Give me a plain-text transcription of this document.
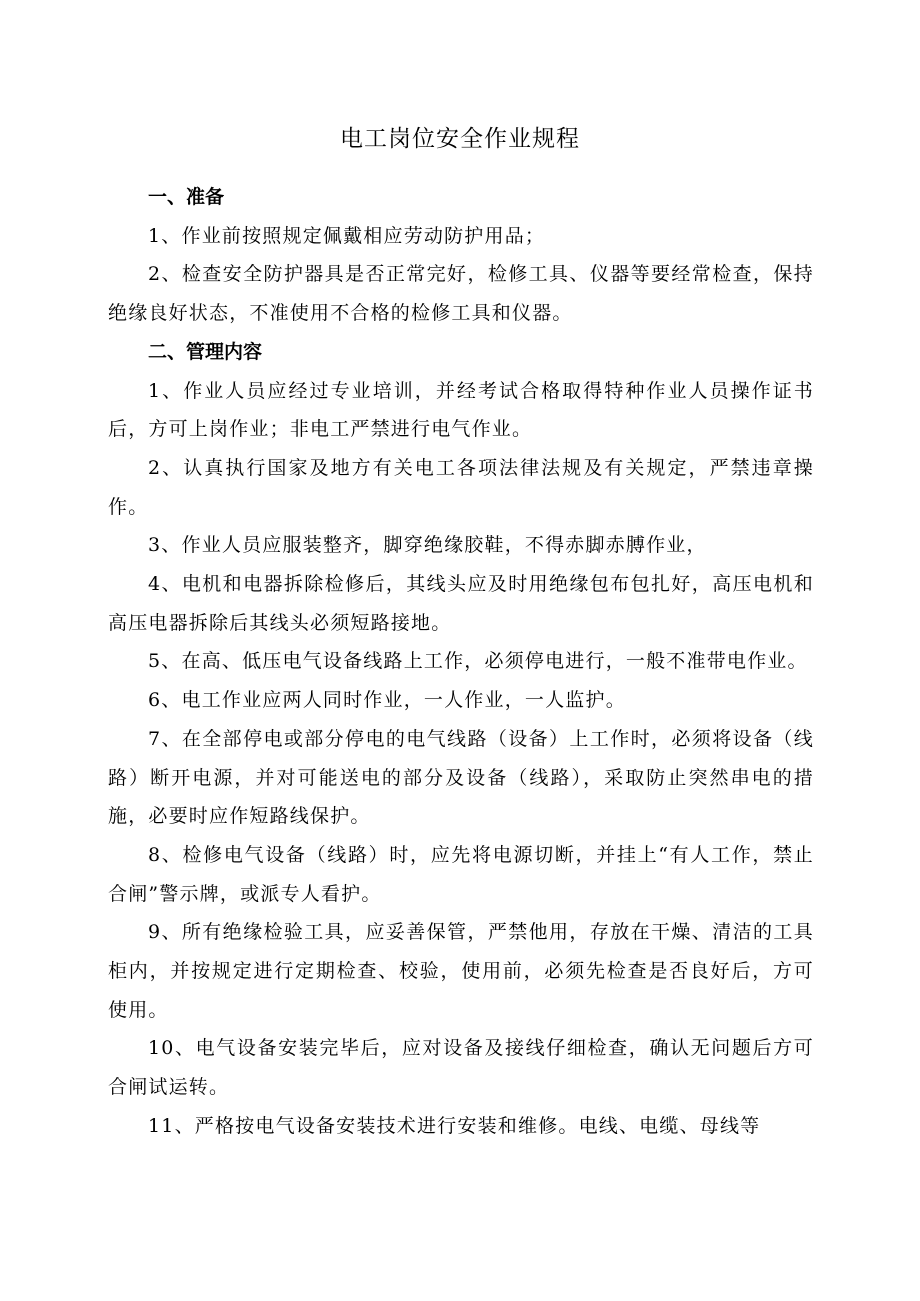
电工岗位安全作业规程

一、准备

1、作业前按照规定佩戴相应劳动防护用品；

2、检查安全防护器具是否正常完好，检修工具、仪器等要经常检查，保持绝缘良好状态，不准使用不合格的检修工具和仪器。

二、管理内容

1、作业人员应经过专业培训，并经考试合格取得特种作业人员操作证书后，方可上岗作业；非电工严禁进行电气作业。

2、认真执行国家及地方有关电工各项法律法规及有关规定，严禁违章操作。

3、作业人员应服装整齐，脚穿绝缘胶鞋，不得赤脚赤膊作业，

4、电机和电器拆除检修后，其线头应及时用绝缘包布包扎好，高压电机和高压电器拆除后其线头必须短路接地。

5、在高、低压电气设备线路上工作，必须停电进行，一般不准带电作业。

6、电工作业应两人同时作业，一人作业，一人监护。

7、在全部停电或部分停电的电气线路（设备）上工作时，必须将设备（线路）断开电源，并对可能送电的部分及设备（线路），采取防止突然串电的措施，必要时应作短路线保护。

8、检修电气设备（线路）时，应先将电源切断，并挂上“有人工作，禁止合闸”警示牌，或派专人看护。

9、所有绝缘检验工具，应妥善保管，严禁他用，存放在干燥、清洁的工具柜内，并按规定进行定期检查、校验，使用前，必须先检查是否良好后，方可使用。

10、电气设备安装完毕后，应对设备及接线仔细检查，确认无问题后方可合闸试运转。

11、严格按电气设备安装技术进行安装和维修。电线、电缆、母线等
